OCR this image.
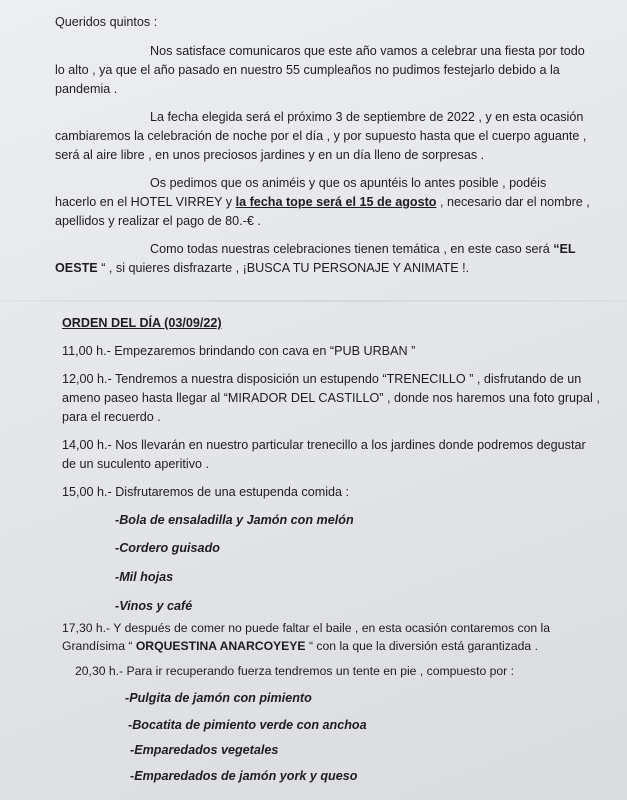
Queridos quintos :
Nos satisface comunicaros que este año vamos a celebrar una fiesta por todo
lo alto , ya que el año pasado en nuestro 55 cumpleaños no pudimos festejarlo debido a la
pandemia .
La fecha elegida será el próximo 3 de septiembre de 2022 , y en esta ocasión
cambiaremos la celebración de noche por el día , y por supuesto hasta que el cuerpo aguante ,
será al aire libre , en unos preciosos jardines y en un día lleno de sorpresas .
Os pedimos que os animéis y que os apuntéis lo antes posible , podéis
hacerlo en el HOTEL VIRREY y la fecha tope será el 15 de agosto , necesario dar el nombre ,
apellidos y realizar el pago de 80.-€ .
Como todas nuestras celebraciones tienen temática , en este caso será “EL
OESTE “ , si quieres disfrazarte , ¡BUSCA TU PERSONAJE Y ANIMATE !.
ORDEN DEL DÍA (03/09/22)
11,00 h.- Empezaremos brindando con cava en “PUB URBAN ”
12,00 h.- Tendremos a nuestra disposición un estupendo “TRENECILLO ” , disfrutando de un
ameno paseo hasta llegar al “MIRADOR DEL CASTILLO” , donde nos haremos una foto grupal ,
para el recuerdo .
14,00 h.- Nos llevarán en nuestro particular trenecillo a los jardines donde podremos degustar
de un suculento aperitivo .
15,00 h.- Disfrutaremos de una estupenda comida :
-Bola de ensaladilla y Jamón con melón
-Cordero guisado
-Mil hojas
-Vinos y café
17,30 h.- Y después de comer no puede faltar el baile , en esta ocasión contaremos con la
Grandísima “ ORQUESTINA ANARCOYEYE “ con la que la diversión está garantizada .
20,30 h.- Para ir recuperando fuerza tendremos un tente en pie , compuesto por :
-Pulgita de jamón con pimiento
-Bocatita de pimiento verde con anchoa
-Emparedados vegetales
-Emparedados de jamón york y queso
